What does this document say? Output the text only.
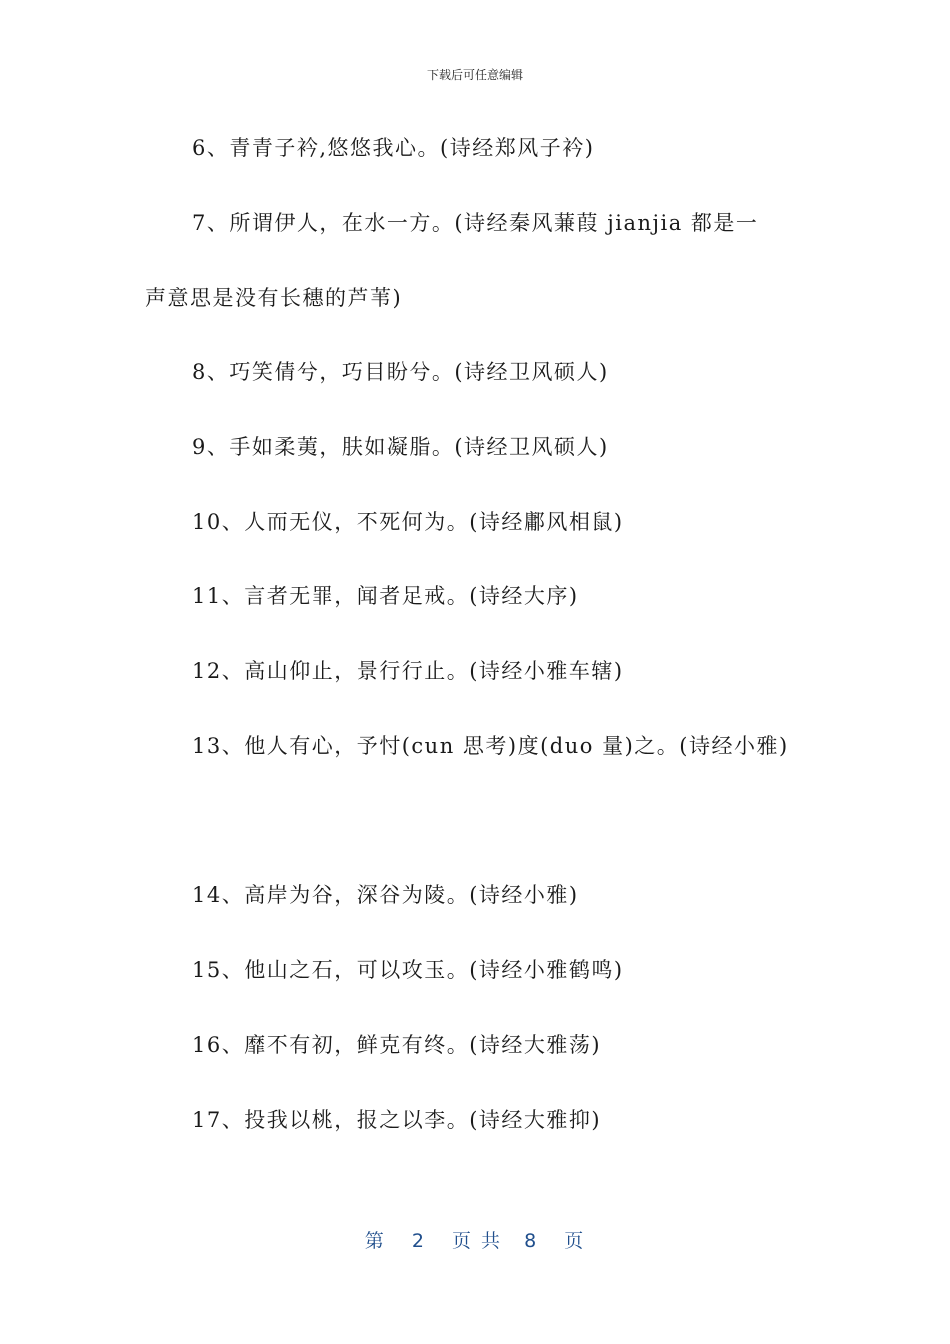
下载后可任意编辑
6、青青子衿,悠悠我心。(诗经郑风子衿)
7、所谓伊人，在水一方。(诗经秦风蒹葭 jianjia 都是一
声意思是没有长穗的芦苇)
8、巧笑倩兮，巧目盼兮。(诗经卫风硕人)
9、手如柔荑，肤如凝脂。(诗经卫风硕人)
10、人而无仪，不死何为。(诗经鄘风相鼠)
11、言者无罪，闻者足戒。(诗经大序)
12、高山仰止，景行行止。(诗经小雅车辖)
13、他人有心，予忖(cun 思考)度(duo 量)之。(诗经小雅)
14、高岸为谷，深谷为陵。(诗经小雅)
15、他山之石，可以攻玉。(诗经小雅鹤鸣)
16、靡不有初，鲜克有终。(诗经大雅荡)
17、投我以桃，报之以李。(诗经大雅抑)
第 2 页 共 8 页
